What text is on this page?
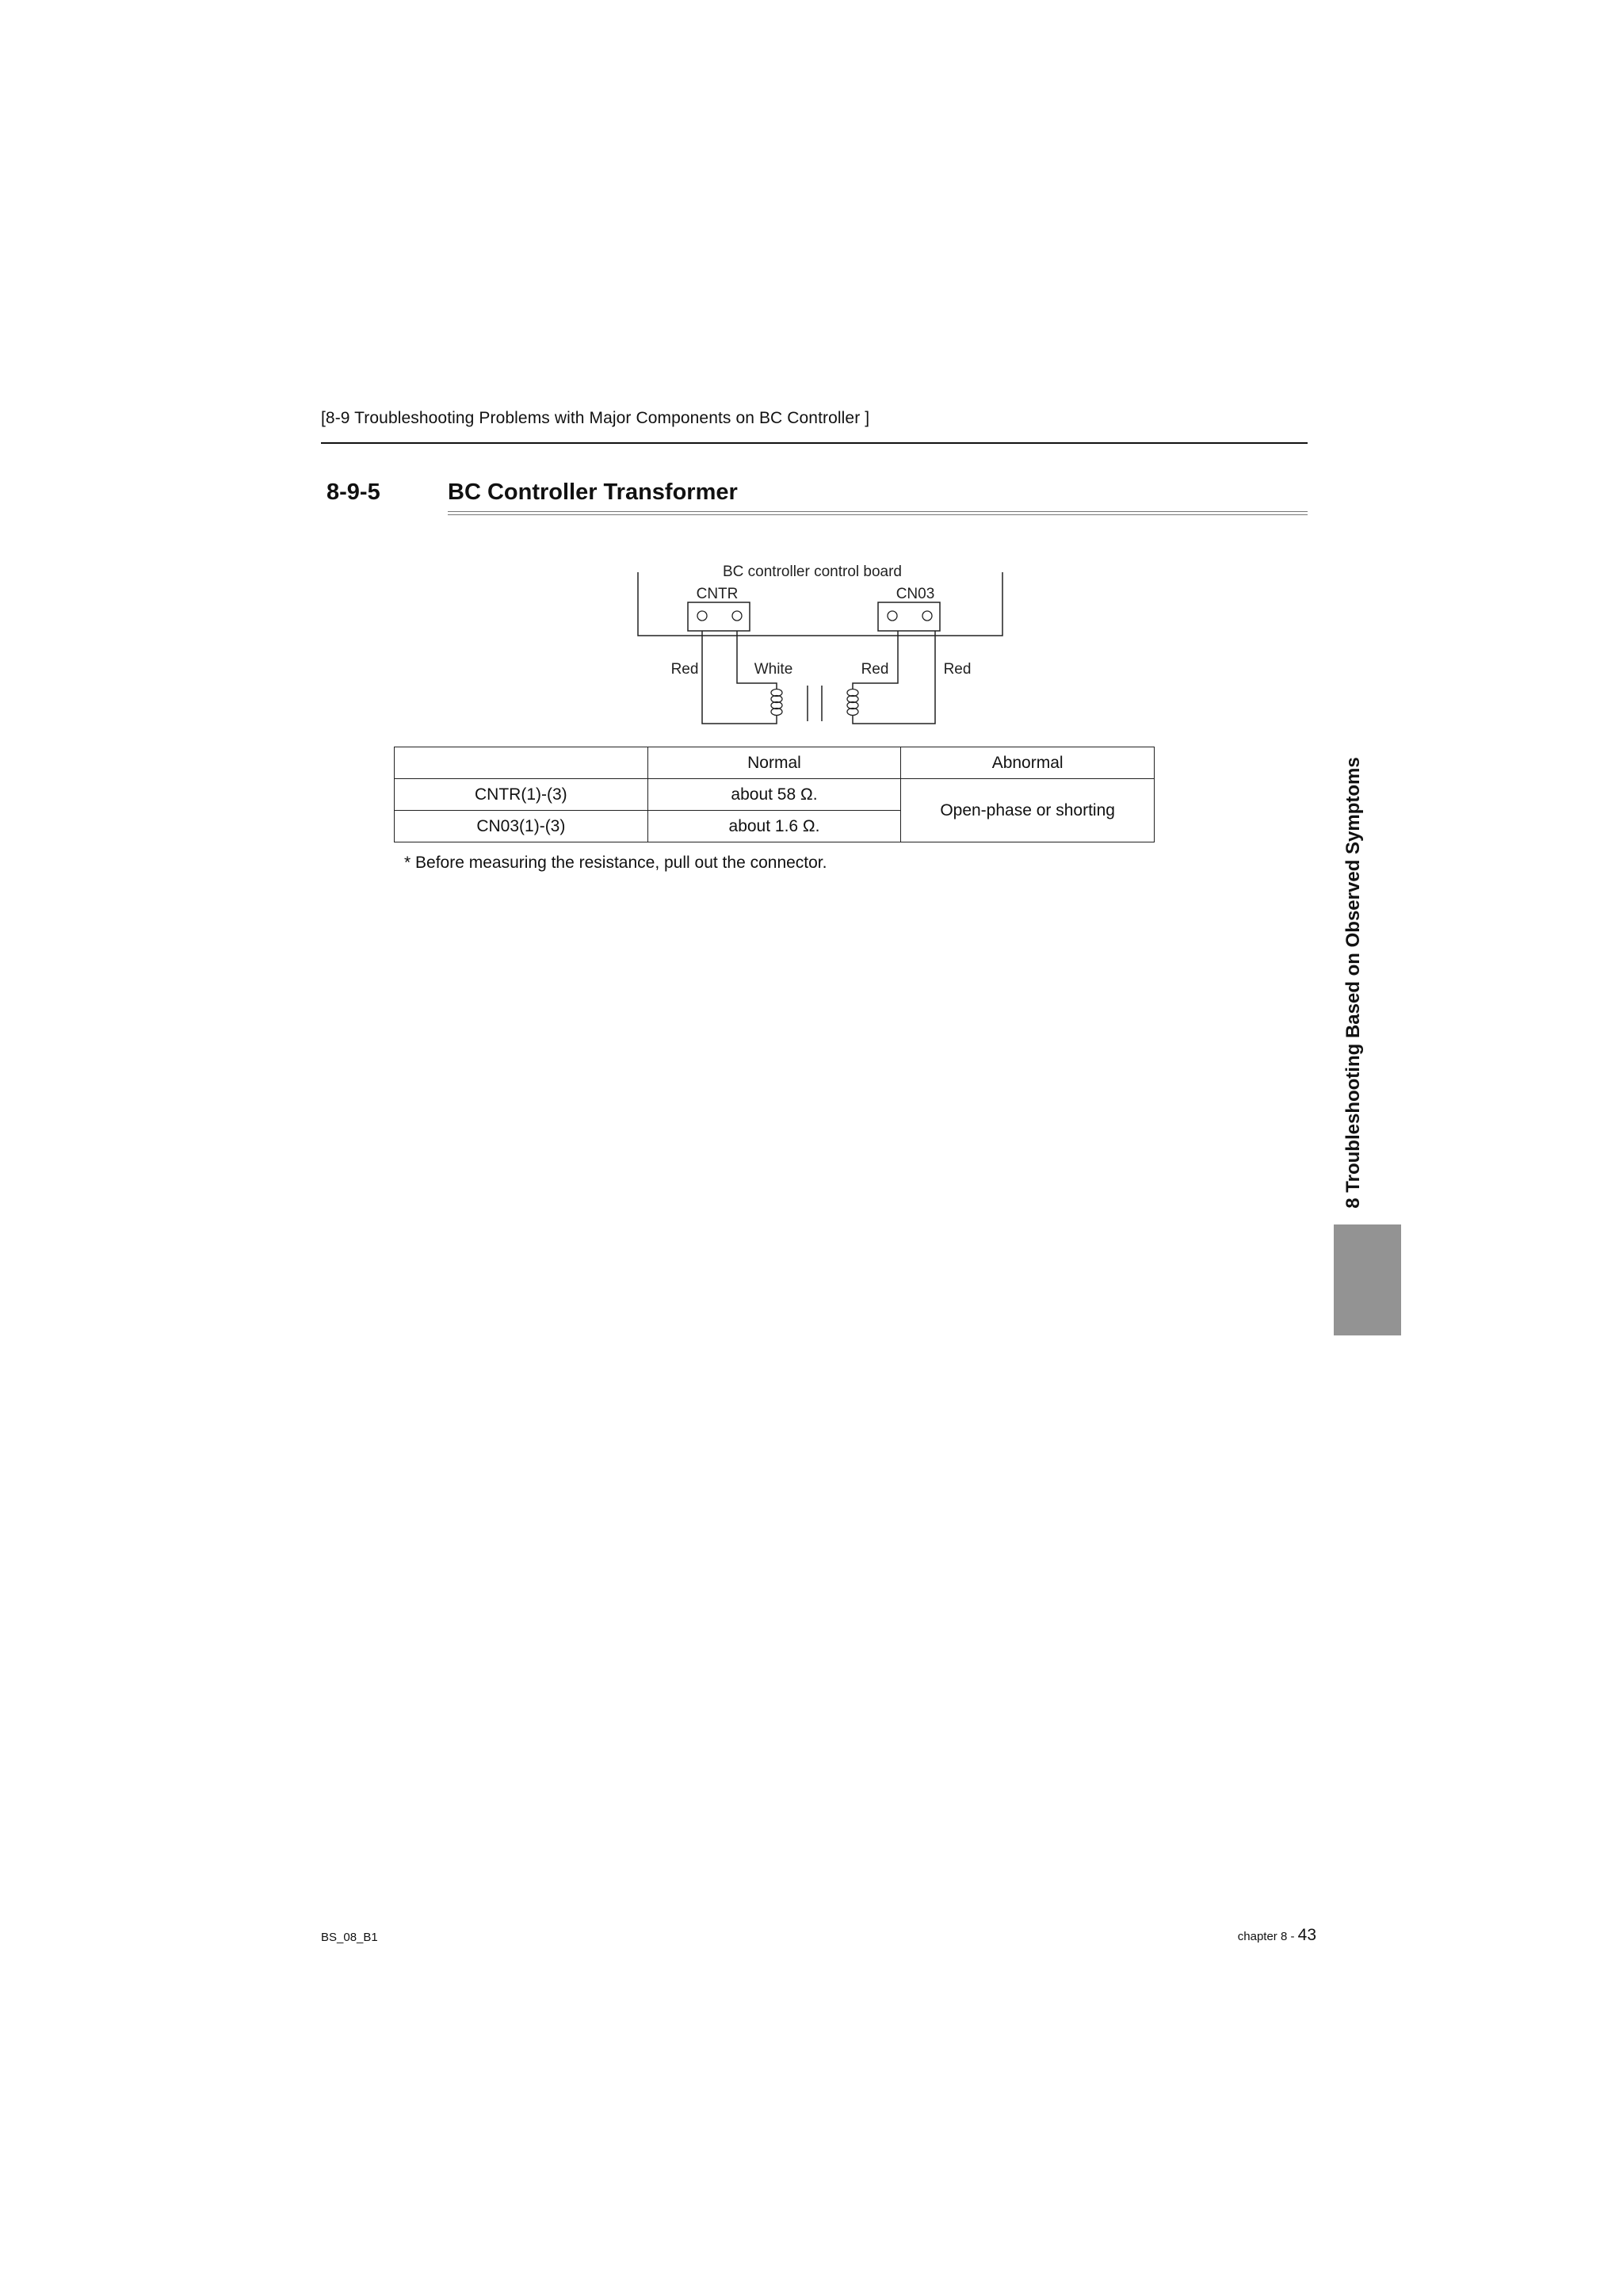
[8-9 Troubleshooting Problems with Major Components on BC Controller ]
8-9-5	BC Controller Transformer
BC controller control board
CNTR	CN03
Red	White	Red	Red
	Normal	Abnormal
CNTR(1)-(3)	about 58 Ω.	Open-phase or shorting
CN03(1)-(3)	about 1.6 Ω.	
* Before measuring the resistance, pull out the connector.	8 Troubleshooting Based on Observed Symptoms
BS_08_B1	chapter 8 - 43
